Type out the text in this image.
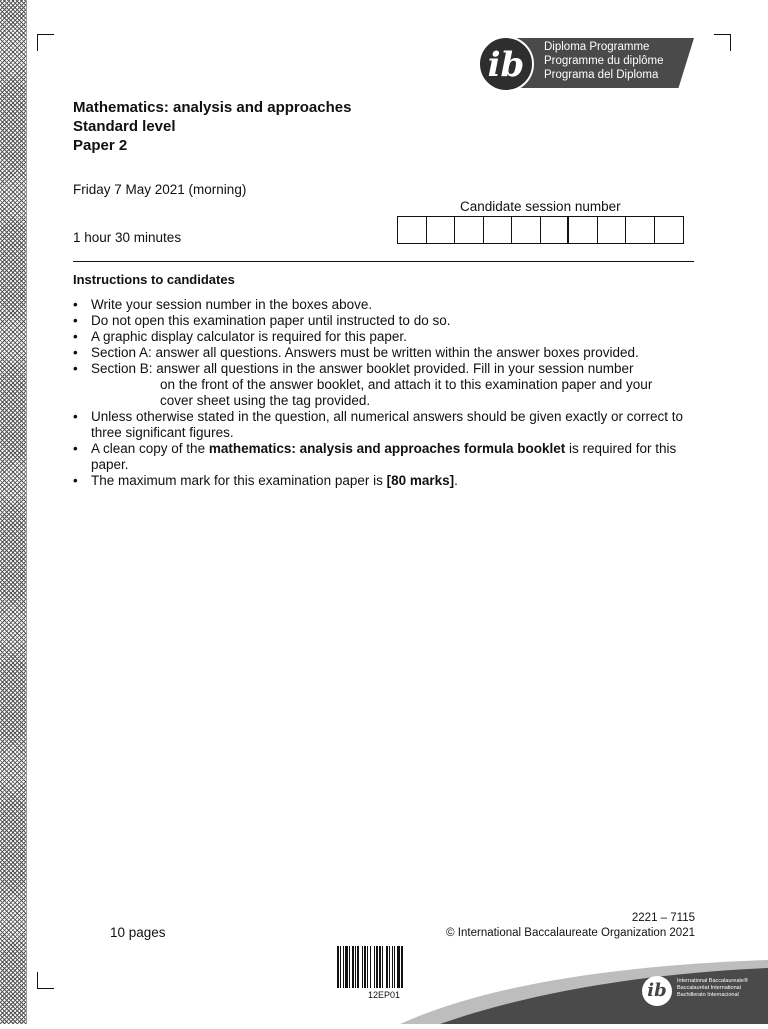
ib	Diploma Programme
Programme du diplôme
Programa del Diploma
Mathematics: analysis and approaches
Standard level
Paper 2
Friday 7 May 2021 (morning)
1 hour 30 minutes
Candidate session number
Instructions to candidates
• Write your session number in the boxes above.
• Do not open this examination paper until instructed to do so.
• A graphic display calculator is required for this paper.
• Section A: answer all questions. Answers must be written within the answer boxes provided.
• Section B: answer all questions in the answer booklet provided. Fill in your session number
on the front of the answer booklet, and attach it to this examination paper and your
cover sheet using the tag provided.
• Unless otherwise stated in the question, all numerical answers should be given exactly or correct to three significant figures.
• A clean copy of the mathematics: analysis and approaches formula booklet is required for this paper.
• The maximum mark for this examination paper is [80 marks].
10 pages
2221 – 7115
© International Baccalaureate Organization 2021
12EP01	ib	International Baccalaureate®
Baccalauréat International
Bachillerato Internacional
